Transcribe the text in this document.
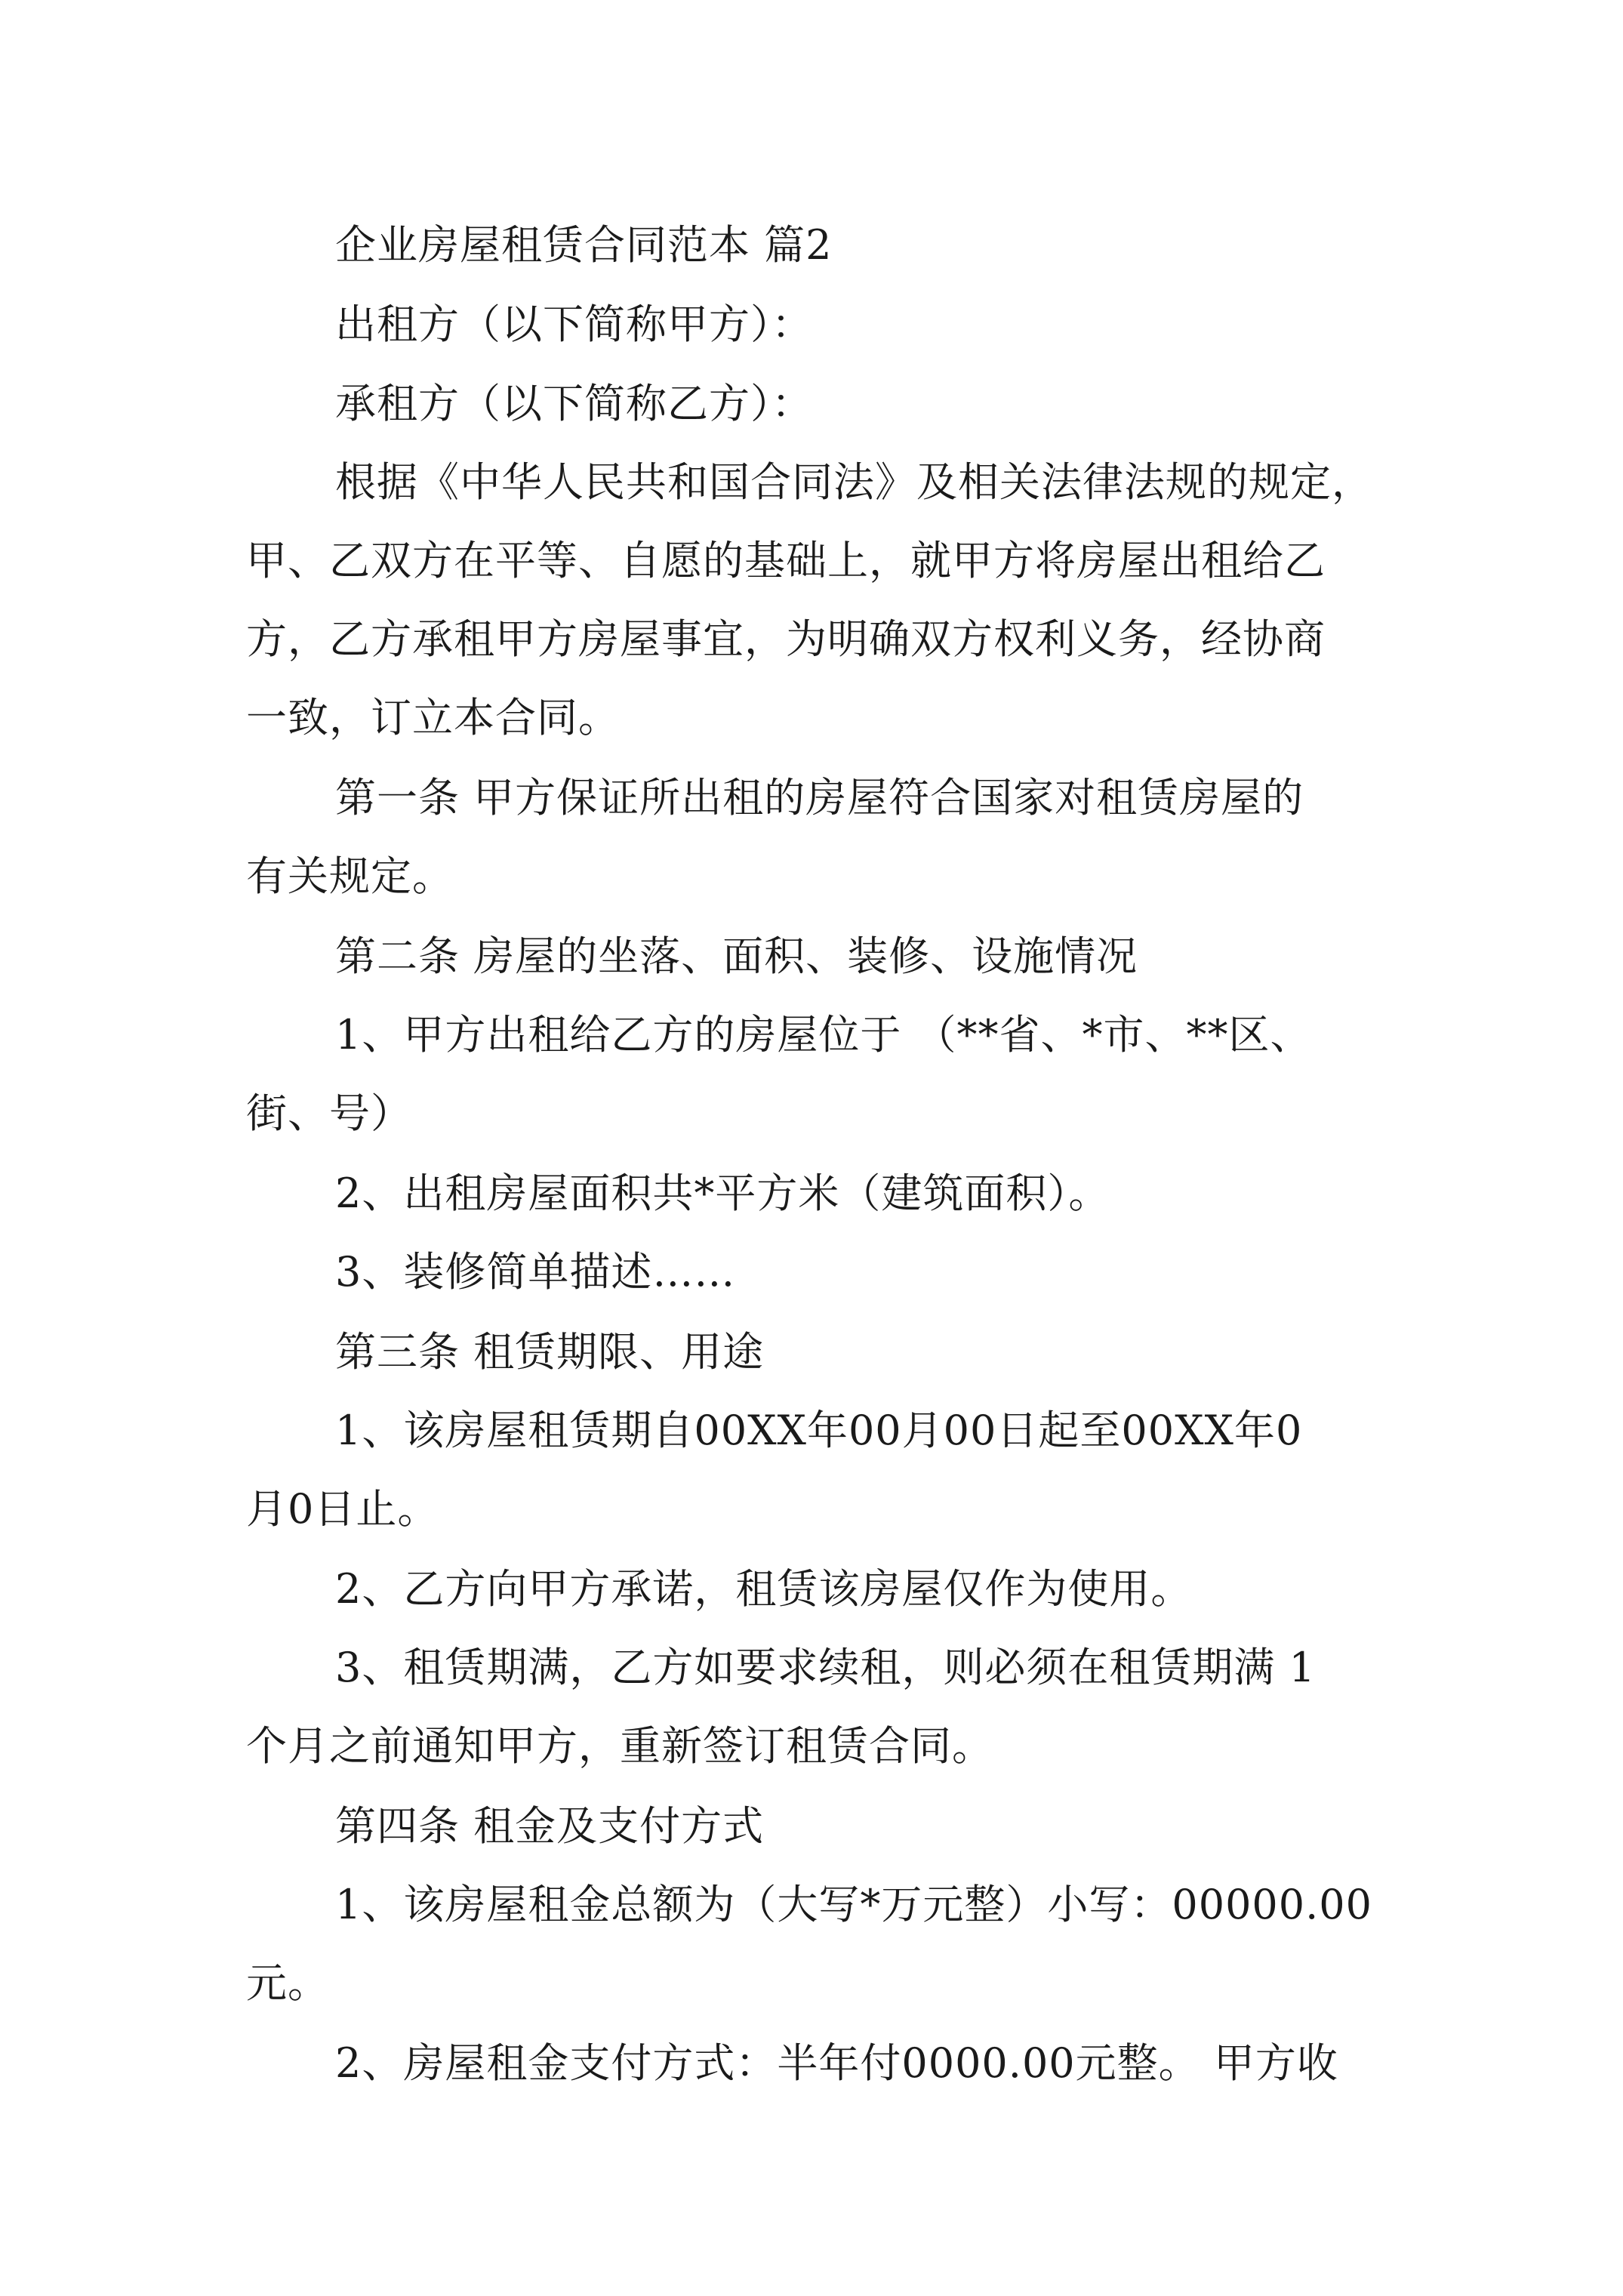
企业房屋租赁合同范本 篇2

出租方（以下简称甲方）：

承租方（以下简称乙方）：

根据《中华人民共和国合同法》及相关法律法规的规定，

甲、乙双方在平等、自愿的基础上，就甲方将房屋出租给乙

方，乙方承租甲方房屋事宜，为明确双方权利义务，经协商

一致，订立本合同。

第一条 甲方保证所出租的房屋符合国家对租赁房屋的

有关规定。

第二条 房屋的坐落、面积、装修、设施情况

1、甲方出租给乙方的房屋位于 （**省、*市、**区、

街、号）

2、出租房屋面积共*平方米（建筑面积）。

3、装修简单描述……

第三条 租赁期限、用途

1、该房屋租赁期自00XX年00月00日起至00XX年0

月0日止。

2、乙方向甲方承诺，租赁该房屋仅作为使用。

3、租赁期满，乙方如要求续租，则必须在租赁期满 1

个月之前通知甲方，重新签订租赁合同。

第四条 租金及支付方式

1、该房屋租金总额为（大写*万元整）小写：00000.00

元。

2、房屋租金支付方式：半年付0000.00元整。 甲方收
